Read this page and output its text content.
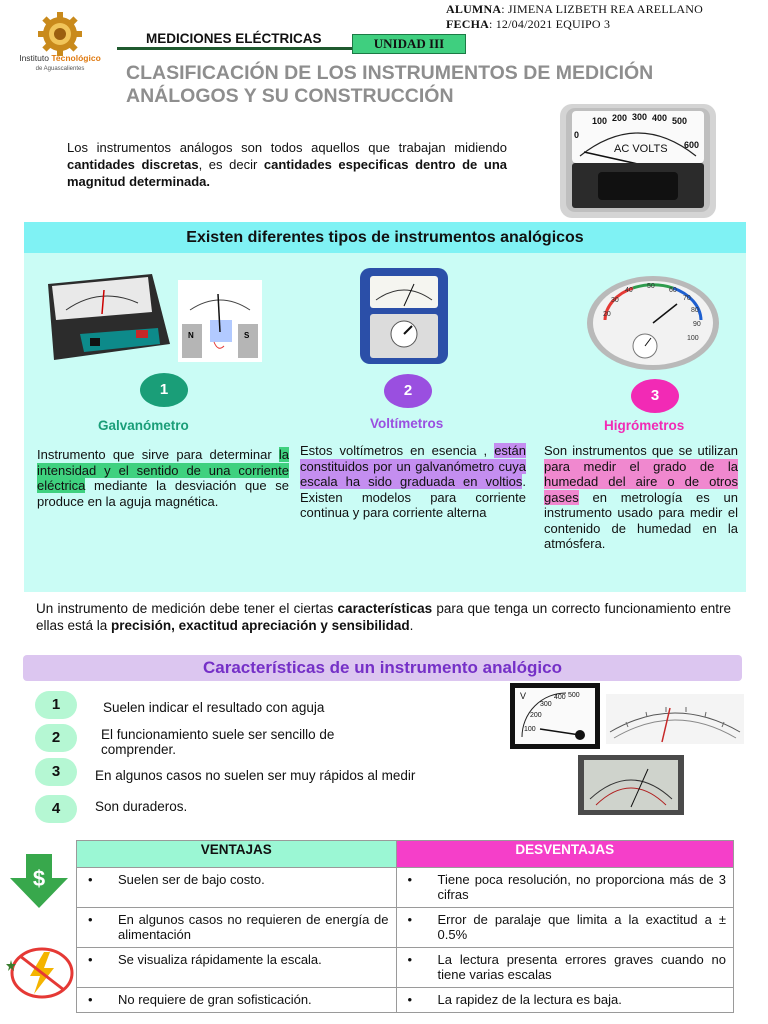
Instituto Tecnológico
de Aguascalientes
ALUMNA: JIMENA LIZBETH REA ARELLANO
FECHA: 12/04/2021 EQUIPO 3
MEDICIONES ELÉCTRICAS	UNIDAD III
CLASIFICACIÓN DE LOS INSTRUMENTOS DE MEDICIÓN
ANÁLOGOS Y SU CONSTRUCCIÓN
0
100 200 300 400 500
600
AC VOLTS
Los instrumentos análogos son todos aquellos que trabajan midiendo cantidades discretas, es decir cantidades especificas dentro de una magnitud determinada.
Existen diferentes tipos de instrumentos analógicos
N	S
20
30
40
50
60
70
80
90
100
1
Galvanómetro
Instrumento que sirve para determinar la intensidad y el sentido de una corriente eléctrica mediante la desviación que se produce en la aguja magnética.
2
Voltímetros
Estos voltímetros en esencia , están constituidos por un galvanómetro cuya escala ha sido graduada en voltios. Existen modelos para corriente continua y para corriente alterna
3
Higrómetros
Son instrumentos que se utilizan para medir el grado de la humedad del aire o de otros gases en metrología es un instrumento usado para medir el contenido de humedad en la atmósfera.
Un instrumento de medición debe tener el ciertas características para que tenga un correcto funcionamiento entre ellas está la precisión, exactitud apreciación y sensibilidad.
Características de un instrumento analógico
1	Suelen indicar el resultado con aguja
2	El funcionamiento suele ser sencillo de comprender.
3	En algunos casos no suelen ser muy rápidos al medir
4	Son duraderos.
V
100
200
300
400 500
VENTAJAS	DESVENTAJAS

• Suelen ser de bajo costo.	• Tiene poca resolución, no proporciona más de 3 cifras

• En algunos casos no requieren de energía de alimentación	• Error de paralaje que limita a la exactitud a ± 0.5%

• Se visualiza rápidamente la escala.	• La lectura presenta errores graves cuando no tiene varias escalas

• No requiere de gran sofisticación.	• La rapidez de la lectura es baja.
$
